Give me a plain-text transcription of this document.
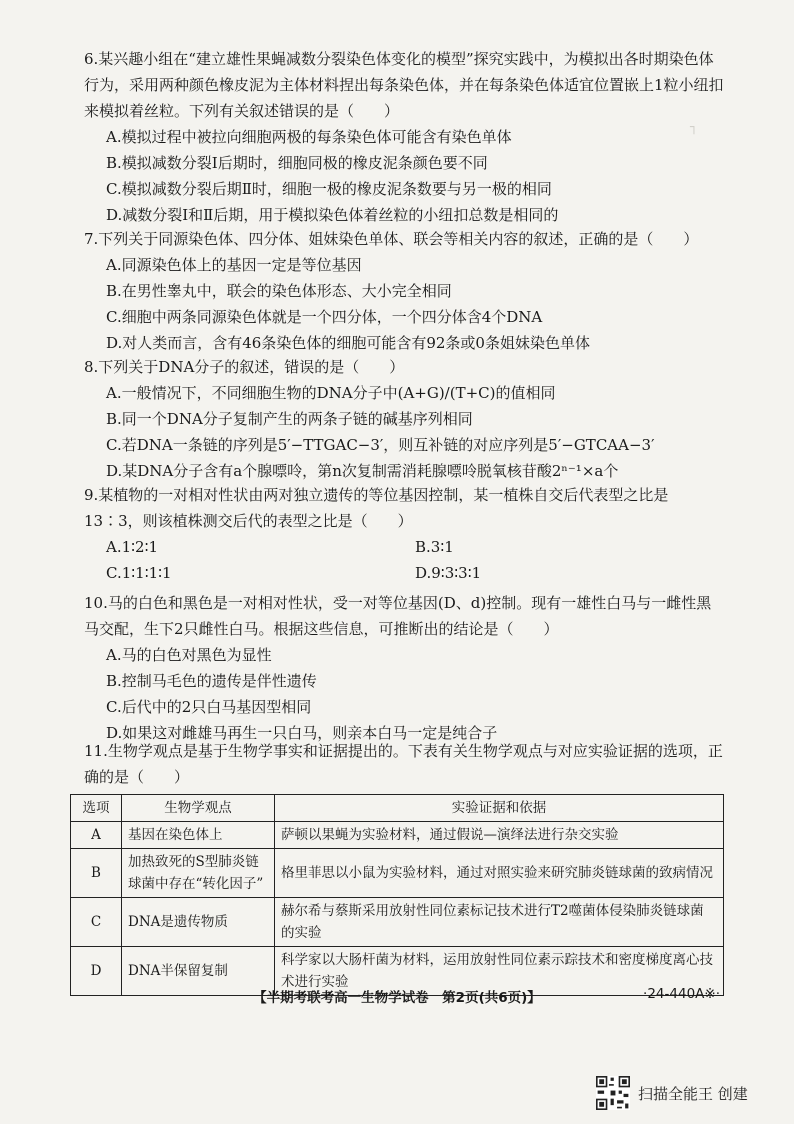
┐

6.某兴趣小组在“建立雄性果蝇减数分裂染色体变化的模型”探究实践中，为模拟出各时期染色体行为，采用两种颜色橡皮泥为主体材料捏出每条染色体，并在每条染色体适宜位置嵌上1粒小纽扣来模拟着丝粒。下列有关叙述错误的是（　　）

A.模拟过程中被拉向细胞两极的每条染色体可能含有染色单体

B.模拟减数分裂Ⅰ后期时，细胞同极的橡皮泥条颜色要不同

C.模拟减数分裂后期Ⅱ时，细胞一极的橡皮泥条数要与另一极的相同

D.减数分裂Ⅰ和Ⅱ后期，用于模拟染色体着丝粒的小纽扣总数是相同的

7.下列关于同源染色体、四分体、姐妹染色单体、联会等相关内容的叙述，正确的是（　　）

A.同源染色体上的基因一定是等位基因

B.在男性睾丸中，联会的染色体形态、大小完全相同

C.细胞中两条同源染色体就是一个四分体，一个四分体含4个DNA

D.对人类而言，含有46条染色体的细胞可能含有92条或0条姐妹染色单体

8.下列关于DNA分子的叙述，错误的是（　　）

A.一般情况下，不同细胞生物的DNA分子中(A+G)/(T+C)的值相同

B.同一个DNA分子复制产生的两条子链的碱基序列相同

C.若DNA一条链的序列是5′−TTGAC−3′，则互补链的对应序列是5′−GTCAA−3′

D.某DNA分子含有a个腺嘌呤，第n次复制需消耗腺嘌呤脱氧核苷酸2ⁿ⁻¹×a个

9.某植物的一对相对性状由两对独立遗传的等位基因控制，某一植株自交后代表型之比是13∶3，则该植株测交后代的表型之比是（　　）

A.1∶2∶1	B.3∶1
C.1∶1∶1∶1	D.9∶3∶3∶1

10.马的白色和黑色是一对相对性状，受一对等位基因(D、d)控制。现有一雄性白马与一雌性黑马交配，生下2只雌性白马。根据这些信息，可推断出的结论是（　　）

A.马的白色对黑色为显性

B.控制马毛色的遗传是伴性遗传

C.后代中的2只白马基因型相同

D.如果这对雌雄马再生一只白马，则亲本白马一定是纯合子

11.生物学观点是基于生物学事实和证据提出的。下表有关生物学观点与对应实验证据的选项，正确的是（　　）

选项	生物学观点	实验证据和依据
A	基因在染色体上	萨顿以果蝇为实验材料，通过假说—演绎法进行杂交实验
B	加热致死的S型肺炎链球菌中存在“转化因子”	格里菲思以小鼠为实验材料，通过对照实验来研究肺炎链球菌的致病情况
C	DNA是遗传物质	赫尔希与蔡斯采用放射性同位素标记技术进行T2噬菌体侵染肺炎链球菌的实验
D	DNA半保留复制	科学家以大肠杆菌为材料，运用放射性同位素示踪技术和密度梯度离心技术进行实验
【半期考联考高一生物学试卷　第2页(共6页)】	·24-440A※·
扫描全能王 创建
